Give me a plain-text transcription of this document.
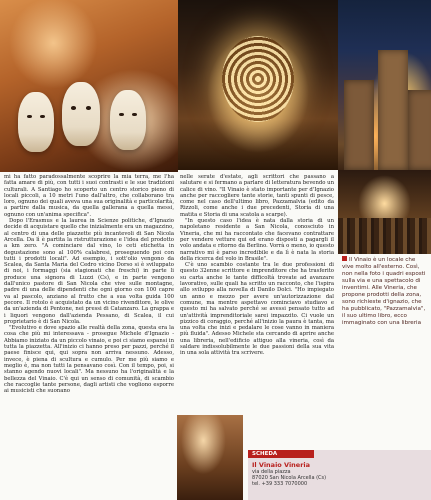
mi ha fatto paradossalmente scoprire la mia terra, me l'ha fatta amare di più, con tutti i suoi contrasti e le sue tradizioni culturali. A Santiago ho scoperto un centro storico pieno di locali piccoli, a 10 metri l'uno dall'altro, che collaborano tra loro, ognuno dei quali aveva una sua originalità e particolarità, a partire dalla musica, da quella gallerana a quella messi, ognuno con un'anima specifica".

Dopo l'Erasmus e la laurea in Scienze politiche, d'Ignazio decide di acquistare quello che inizialmente era un magazzino, al centro di una delle piazzette più incantevoli di San Nicola Arcella. Da lì è partita la ristrutturazione e l'idea del prodotto a km zero. "A cominciare dal vino, lo ceti etichetta in degustazione sono al 100% calabresi, proseguendo poi con tutti i prodotti locali". Ad esempio, i sott'olio vengono da Scalea, da Santa Maria del Cedro vicino Dorso si è sviluppato di noi, i formaggi (sia stagionati che freschi) in parte li produce una signora di Luzzi (Cs), e in parte vengono dall'unico pastore di San Nicola che vive sulle montagne, padre di una delle dipendenti che ogni giorno con 100 capre va al pascolo, anziano al frutto che a sua volta guida 100 pecore. Il rotolo è acquistato da un vicino rivenditore, le olive da un'azienda di Pentone, nei pressi di Catanzaro. La grappa e i liquori vengono dall'azienda Pessano, di Scalea, il cui proprietario è di San Nicola.

"Evolutivo e dove spazio alle realtà della zona, questa era la cosa che più mi interessava - prosegue Michele d'Ignazio - Abbiamo iniziato da un piccolo vinaio, e poi ci siamo espansi in tutta la piazzetta. All'inizio ci hanno preso per pazzi, perché il paese finisce qui, qui sopra non arriva nessuno. Adesso, invece, è piena di scultura e cumulo. Per me più siamo e meglio è, ma non tutti la pensavano così. Con il tempo, poi, si stanno agendo nuovi locali". Ma nessuno ha l'originalità e la bellezza del Vinaio. C'è qui un senso di comunità, di scambio che raccoglie tante persone, dagli artisti che vogliono esporre ai musicisti che suonano

nelle serate d'estate, agli scrittori che passano a salutare e si fermano a parlare di letteratura bevendo un calice di vino. "Il Vinaio è stato importante per d'Ignazio anche per raccogliere tante storie, tanti spunti di pesce, come nel caso dell'ultimo libro, Pazzamalvia (edito da Rizzoli, come anche i due precedenti, Storia di una matita e Storia di una scatola a scarpe).

"In questo caso l'idea è nata dalla storia di un napoletano residente a San Nicola, conosciuto in Vineria, che mi ha raccontato che facevano contrattare per vendere vetture qui ed erano disposti a pagargli il volo andata e ritorno da Berlino. Vorrà o meno, io questo narrativo mi è parso incredibile e da lì è nata la storia della ricerca del volo in Brasile".

C'è uno scambio costante tra le due professioni di questo 32enne scrittore e imprenditore che ha trasferito su carta anche le tante difficoltà trovate ad avanzare lavorativo, sulle quali ha scritto un racconto, che l'ispira allo sviluppo alla novella di Danilo Dolci. "Ho impiegato un anno e mezzo per avere un'autorizzazione dal comune, ma mentre aspettavo cominciavo studiavo e questo mi ha salvato perché se avessi pensato tutto ad un'attività imprenditoriale sarei impazzito. Ci vuole un pizzico di coraggio, perché all'inizio la paura è tanta, ma una volta che inizi e pedalare le cose vanno in maniera più fluida". Adesso Michele sta cercando di aprire anche una libreria, nell'edificio attiguo alla vineria, così da saldare indissolubilmente le due passioni della sua vita in una sola attività tra scrivere.

Il Vinaio è un locale che vive molto all'esterno. Così, non nella foto i quadri esposti sulla via e una spettacolo di inventimi. Alle Vineria, che propone prodotti della zona, sono richieste d'ignazio, che ha pubblicato, "Pazzamalvia", il suo ultimo libro, ecco immaginato con una libreria
SCHEDA
Il Vinaio Vineria
via della piazza
87020 San Nicola Arcella (Cs)
tel. +39 333 7070000
